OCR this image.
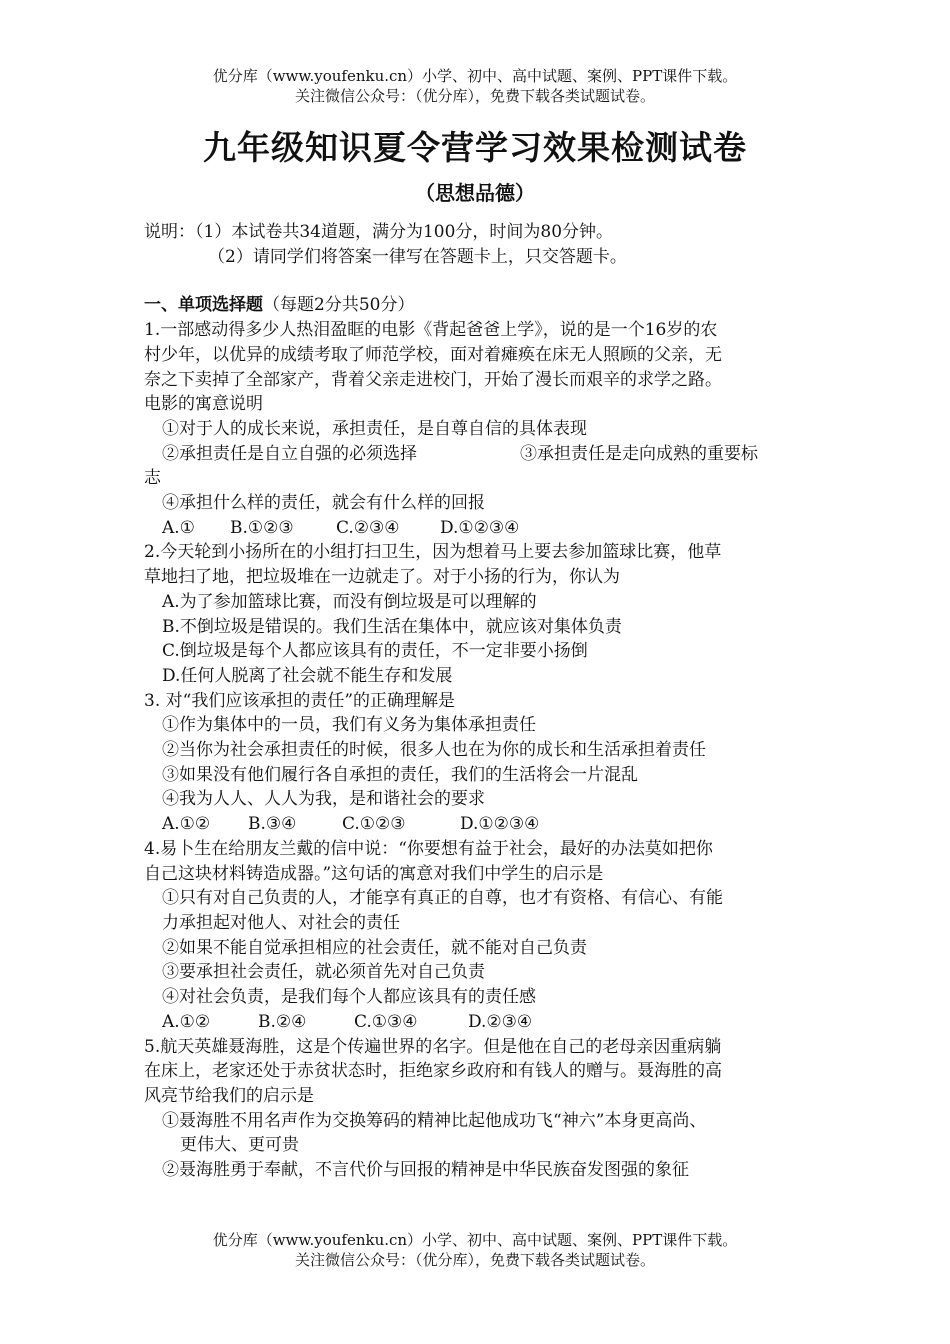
优分库（www.youfenku.cn）小学、初中、高中试题、案例、PPT课件下载。
关注微信公众号：（优分库），免费下载各类试题试卷。
九年级知识夏令营学习效果检测试卷
（思想品德）
说明：（1）本试卷共34道题，满分为100分，时间为80分钟。
（2）请同学们将答案一律写在答题卡上，只交答题卡。
一、单项选择题（每题2分共50分）
1.一部感动得多少人热泪盈眶的电影《背起爸爸上学》，说的是一个16岁的农
村少年，以优异的成绩考取了师范学校，面对着瘫痪在床无人照顾的父亲，无
奈之下卖掉了全部家产，背着父亲走进校门，开始了漫长而艰辛的求学之路。
电影的寓意说明
①对于人的成长来说，承担责任，是自尊自信的具体表现
②承担责任是自立自强的必须选择	③承担责任是走向成熟的重要标
志
④承担什么样的责任，就会有什么样的回报
A.① B.①②③ C.②③④ D.①②③④
2.今天轮到小扬所在的小组打扫卫生，因为想着马上要去参加篮球比赛，他草
草地扫了地，把垃圾堆在一边就走了。对于小扬的行为，你认为
A.为了参加篮球比赛，而没有倒垃圾是可以理解的
B.不倒垃圾是错误的。我们生活在集体中，就应该对集体负责
C.倒垃圾是每个人都应该具有的责任，不一定非要小扬倒
D.任何人脱离了社会就不能生存和发展
3. 对“我们应该承担的责任”的正确理解是
①作为集体中的一员，我们有义务为集体承担责任
②当你为社会承担责任的时候，很多人也在为你的成长和生活承担着责任
③如果没有他们履行各自承担的责任，我们的生活将会一片混乱
④我为人人、人人为我，是和谐社会的要求
A.①② B.③④	C.①②③	D.①②③④
4.易卜生在给朋友兰戴的信中说：“你要想有益于社会，最好的办法莫如把你
自己这块材料铸造成器。”这句话的寓意对我们中学生的启示是
①只有对自己负责的人，才能享有真正的自尊，也才有资格、有信心、有能
力承担起对他人、对社会的责任
②如果不能自觉承担相应的社会责任，就不能对自己负责
③要承担社会责任，就必须首先对自己负责
④对社会负责，是我们每个人都应该具有的责任感
A.①②	B.②④	C.①③④	D.②③④
5.航天英雄聂海胜，这是个传遍世界的名字。但是他在自己的老母亲因重病躺
在床上，老家还处于赤贫状态时，拒绝家乡政府和有钱人的赠与。聂海胜的高
风亮节给我们的启示是
①聂海胜不用名声作为交换筹码的精神比起他成功飞“神六”本身更高尚、
更伟大、更可贵
②聂海胜勇于奉献，不言代价与回报的精神是中华民族奋发图强的象征
优分库（www.youfenku.cn）小学、初中、高中试题、案例、PPT课件下载。
关注微信公众号：（优分库），免费下载各类试题试卷。
